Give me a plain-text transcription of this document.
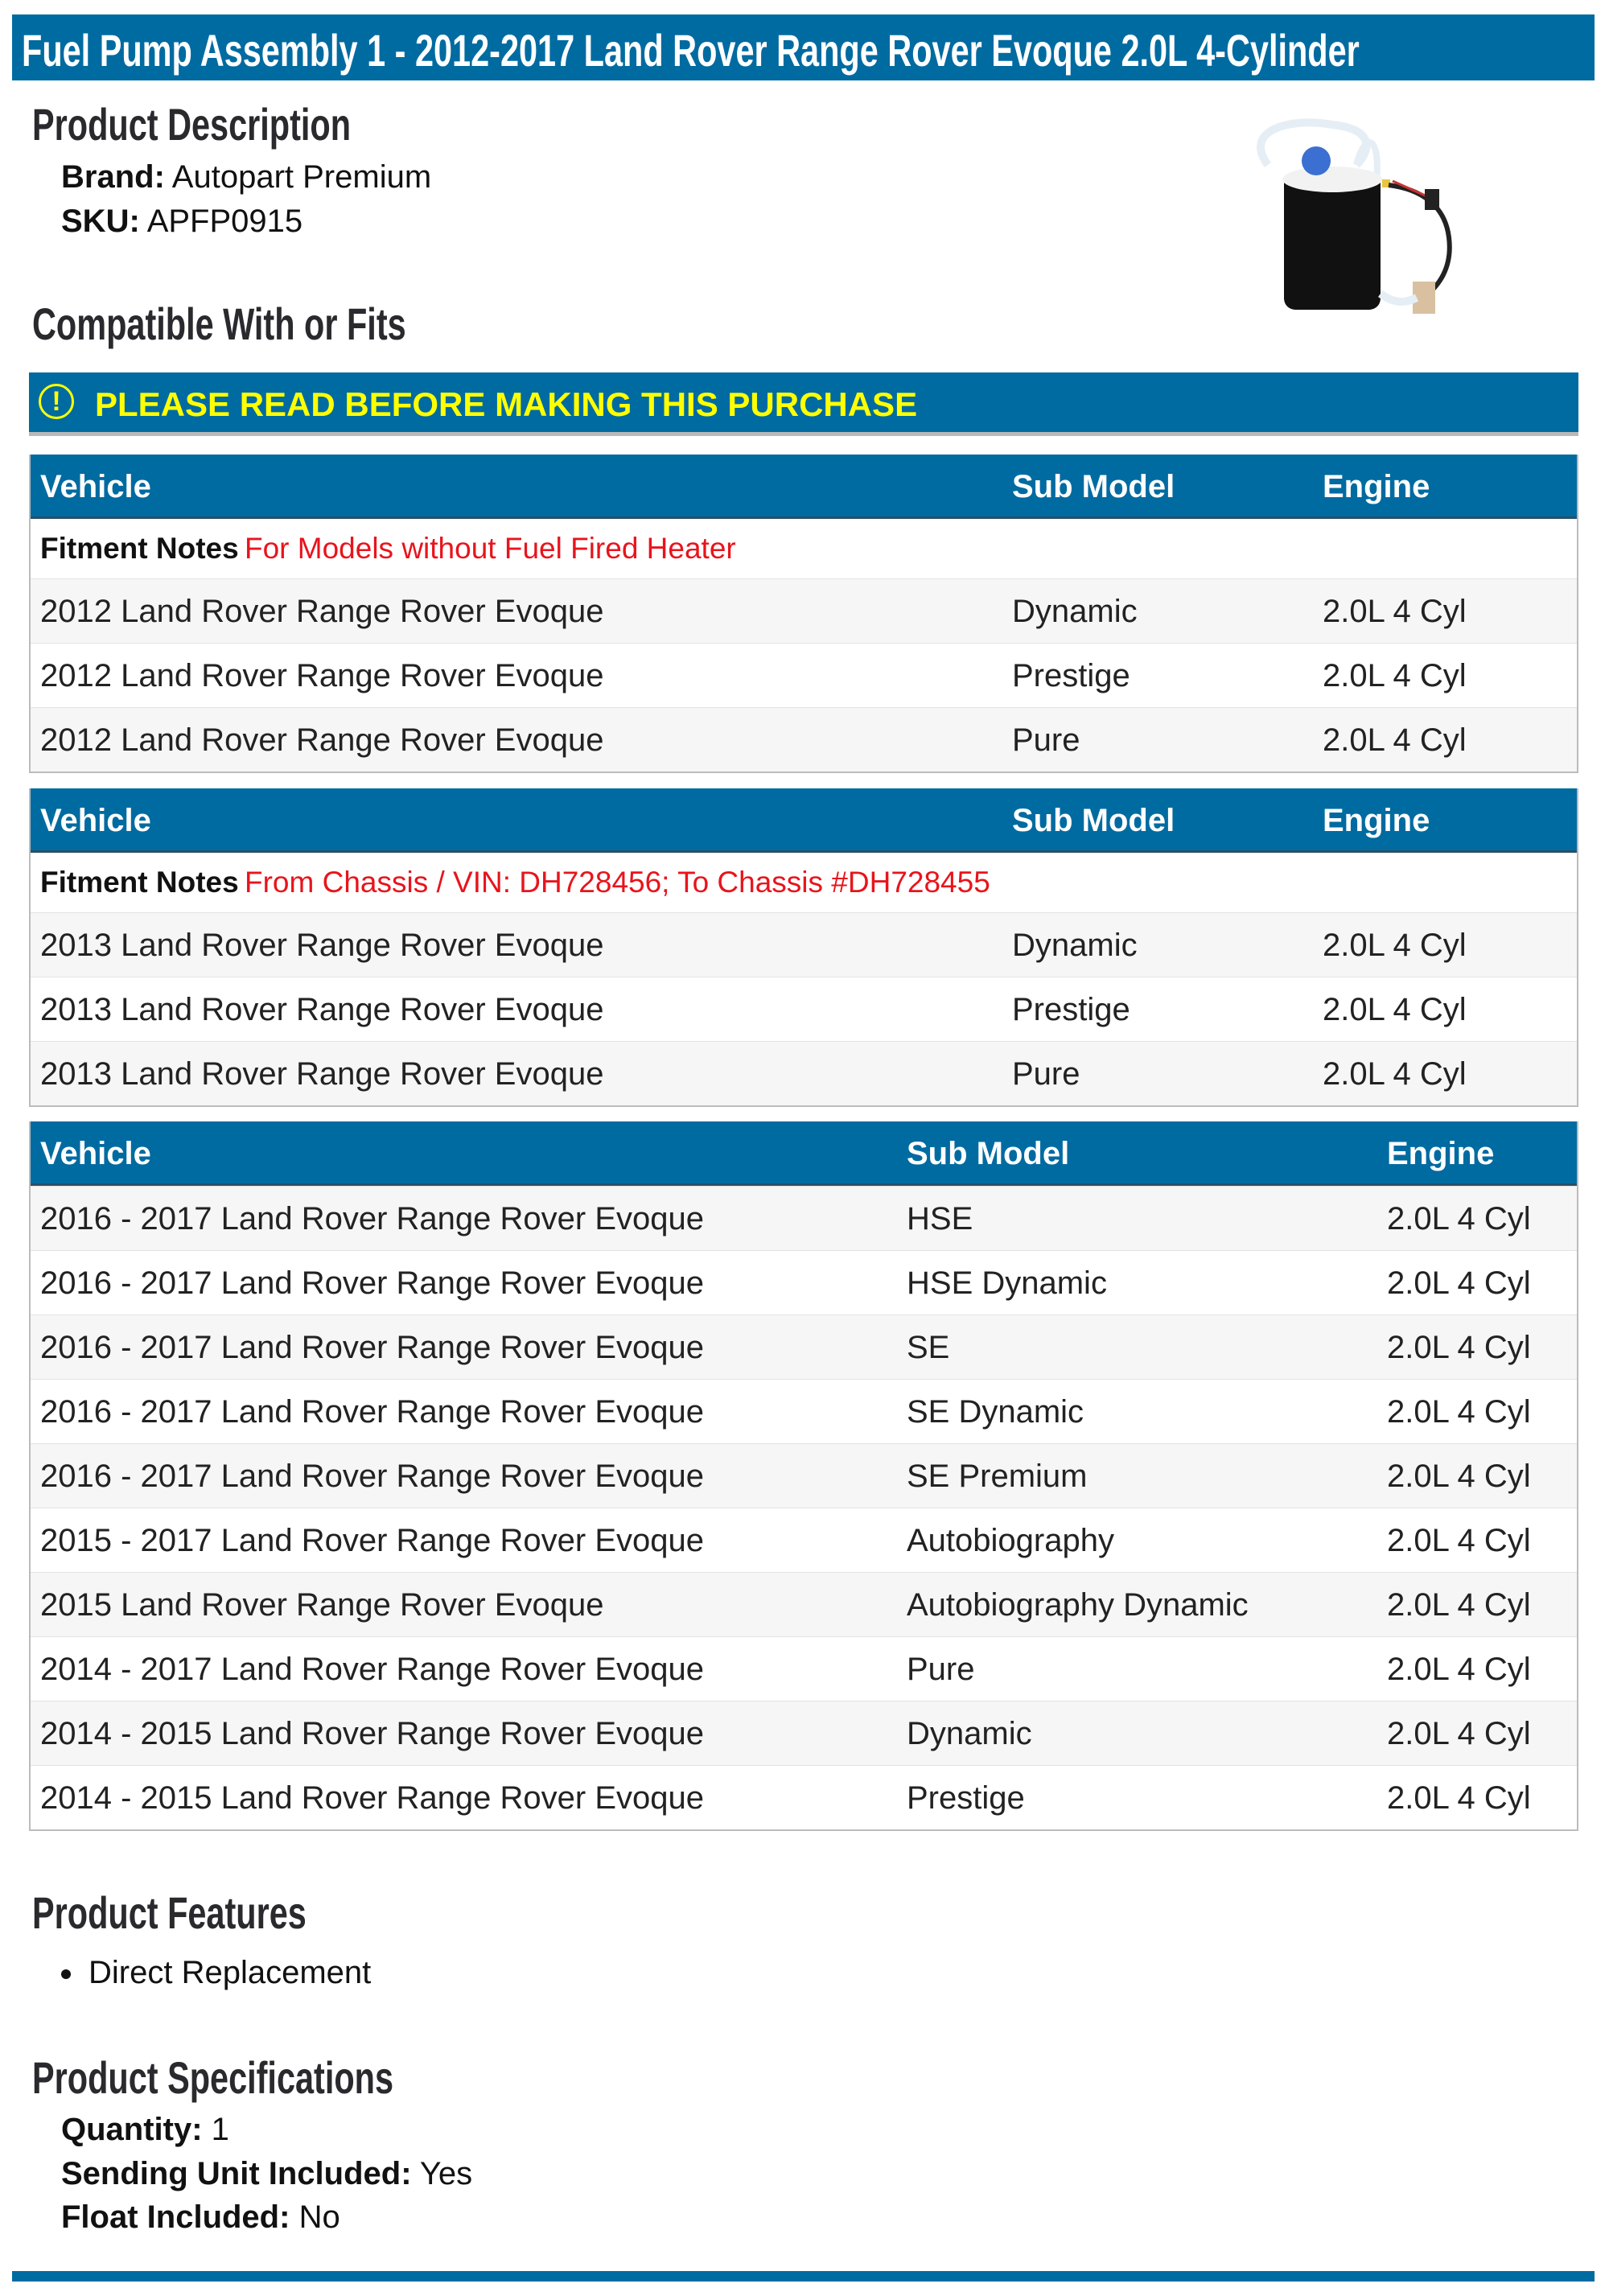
Fuel Pump Assembly 1 - 2012-2017 Land Rover Range Rover Evoque 2.0L 4-Cylinder
Product Description
Brand: Autopart Premium
SKU: APFP0915
Compatible With or Fits
!	PLEASE READ BEFORE MAKING THIS PURCHASE
Vehicle	Sub Model	Engine
Fitment Notes For Models without Fuel Fired Heater
2012 Land Rover Range Rover Evoque	Dynamic	2.0L 4 Cyl
2012 Land Rover Range Rover Evoque	Prestige	2.0L 4 Cyl
2012 Land Rover Range Rover Evoque	Pure	2.0L 4 Cyl
Vehicle	Sub Model	Engine
Fitment Notes From Chassis / VIN: DH728456; To Chassis #DH728455
2013 Land Rover Range Rover Evoque	Dynamic	2.0L 4 Cyl
2013 Land Rover Range Rover Evoque	Prestige	2.0L 4 Cyl
2013 Land Rover Range Rover Evoque	Pure	2.0L 4 Cyl
Vehicle	Sub Model	Engine
2016 - 2017 Land Rover Range Rover Evoque	HSE	2.0L 4 Cyl
2016 - 2017 Land Rover Range Rover Evoque	HSE Dynamic	2.0L 4 Cyl
2016 - 2017 Land Rover Range Rover Evoque	SE	2.0L 4 Cyl
2016 - 2017 Land Rover Range Rover Evoque	SE Dynamic	2.0L 4 Cyl
2016 - 2017 Land Rover Range Rover Evoque	SE Premium	2.0L 4 Cyl
2015 - 2017 Land Rover Range Rover Evoque	Autobiography	2.0L 4 Cyl
2015 Land Rover Range Rover Evoque	Autobiography Dynamic	2.0L 4 Cyl
2014 - 2017 Land Rover Range Rover Evoque	Pure	2.0L 4 Cyl
2014 - 2015 Land Rover Range Rover Evoque	Dynamic	2.0L 4 Cyl
2014 - 2015 Land Rover Range Rover Evoque	Prestige	2.0L 4 Cyl
Product Features
Direct Replacement
Product Specifications
Quantity: 1
Sending Unit Included: Yes
Float Included: No
